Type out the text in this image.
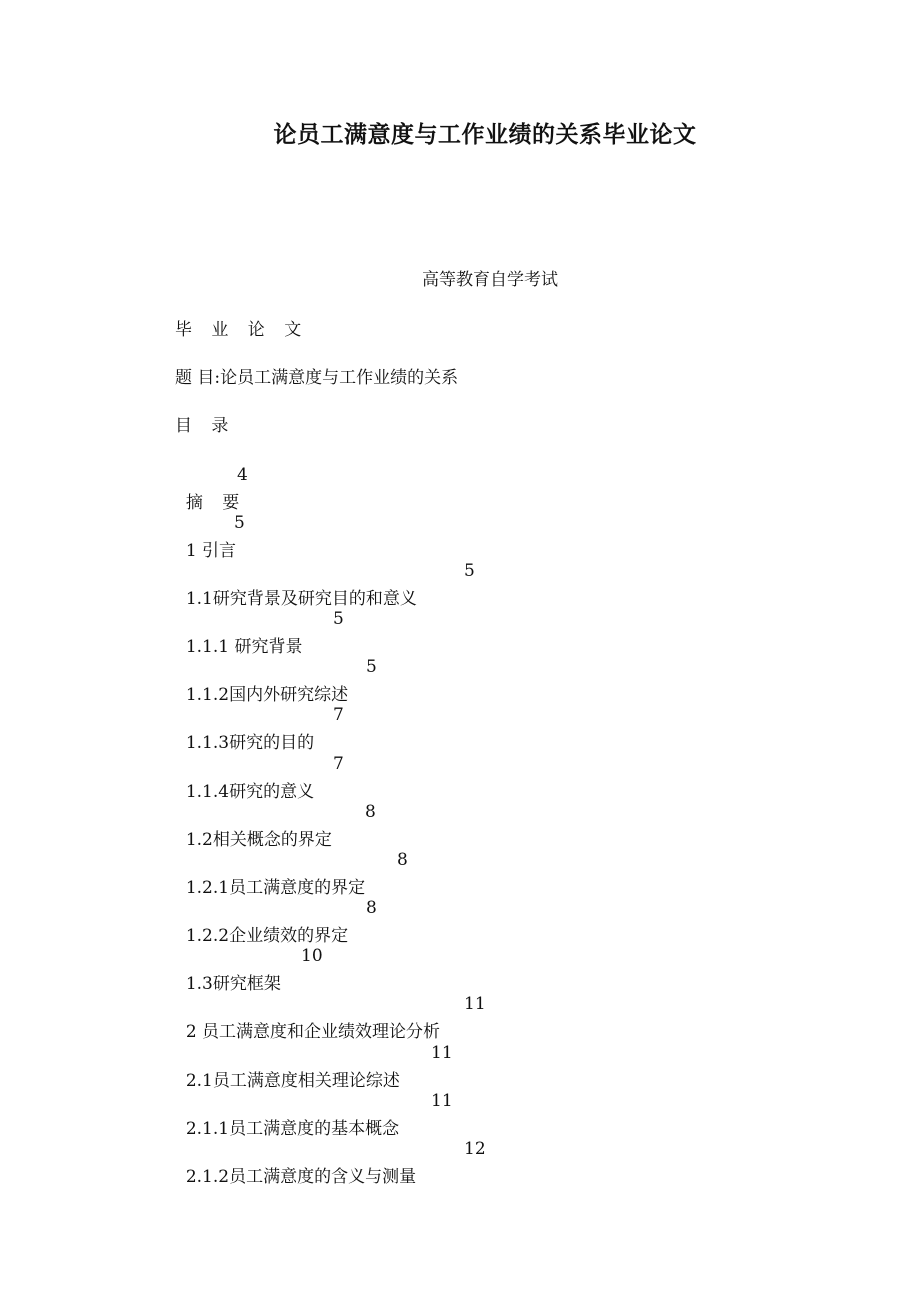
论员工满意度与工作业绩的关系毕业论文
高等教育自学考试
毕 业 论 文
题 目:论员工满意度与工作业绩的关系
目 录

摘 要
4

1 引言
5

1.1研究背景及研究目的和意义
5

1.1.1 研究背景
5

1.1.2国内外研究综述
5

1.1.3研究的目的
7

1.1.4研究的意义
7

1.2相关概念的界定
8

1.2.1员工满意度的界定
8

1.2.2企业绩效的界定
8

1.3研究框架
10

2 员工满意度和企业绩效理论分析
11

2.1员工满意度相关理论综述
11

2.1.1员工满意度的基本概念
11

2.1.2员工满意度的含义与测量
12
